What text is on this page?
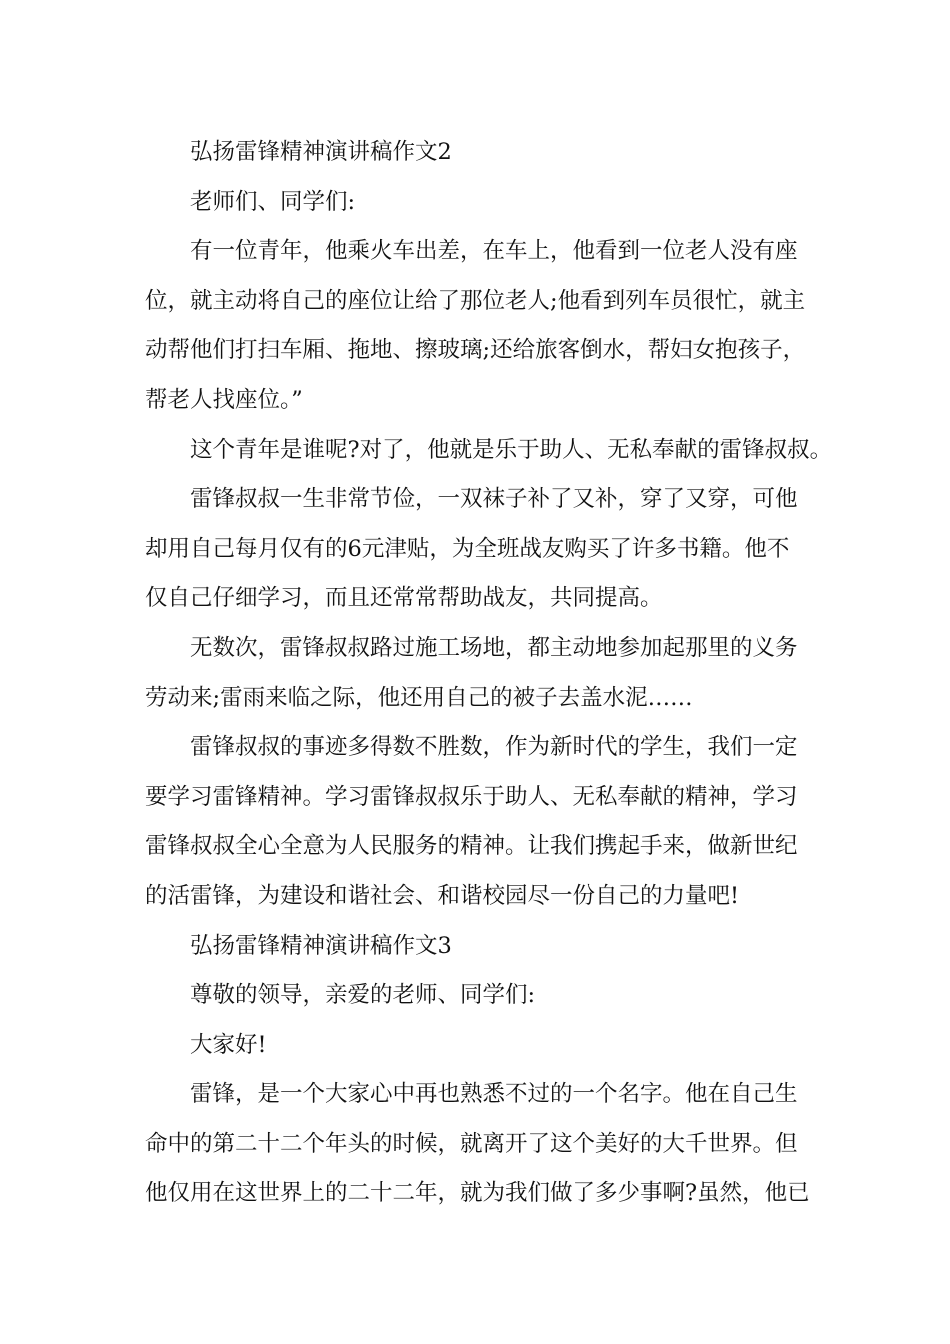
弘扬雷锋精神演讲稿作文2
老师们、同学们:
有一位青年，他乘火车出差，在车上，他看到一位老人没有座
位，就主动将自己的座位让给了那位老人;他看到列车员很忙，就主
动帮他们打扫车厢、拖地、擦玻璃;还给旅客倒水，帮妇女抱孩子，
帮老人找座位。”
这个青年是谁呢?对了，他就是乐于助人、无私奉献的雷锋叔叔。
雷锋叔叔一生非常节俭，一双袜子补了又补，穿了又穿，可他
却用自己每月仅有的6元津贴，为全班战友购买了许多书籍。他不
仅自己仔细学习，而且还常常帮助战友，共同提高。
无数次，雷锋叔叔路过施工场地，都主动地参加起那里的义务
劳动来;雷雨来临之际，他还用自己的被子去盖水泥……
雷锋叔叔的事迹多得数不胜数，作为新时代的学生，我们一定
要学习雷锋精神。学习雷锋叔叔乐于助人、无私奉献的精神，学习
雷锋叔叔全心全意为人民服务的精神。让我们携起手来，做新世纪
的活雷锋，为建设和谐社会、和谐校园尽一份自己的力量吧!
弘扬雷锋精神演讲稿作文3
尊敬的领导，亲爱的老师、同学们:
大家好!
雷锋，是一个大家心中再也熟悉不过的一个名字。他在自己生
命中的第二十二个年头的时候，就离开了这个美好的大千世界。但
他仅用在这世界上的二十二年，就为我们做了多少事啊?虽然，他已
